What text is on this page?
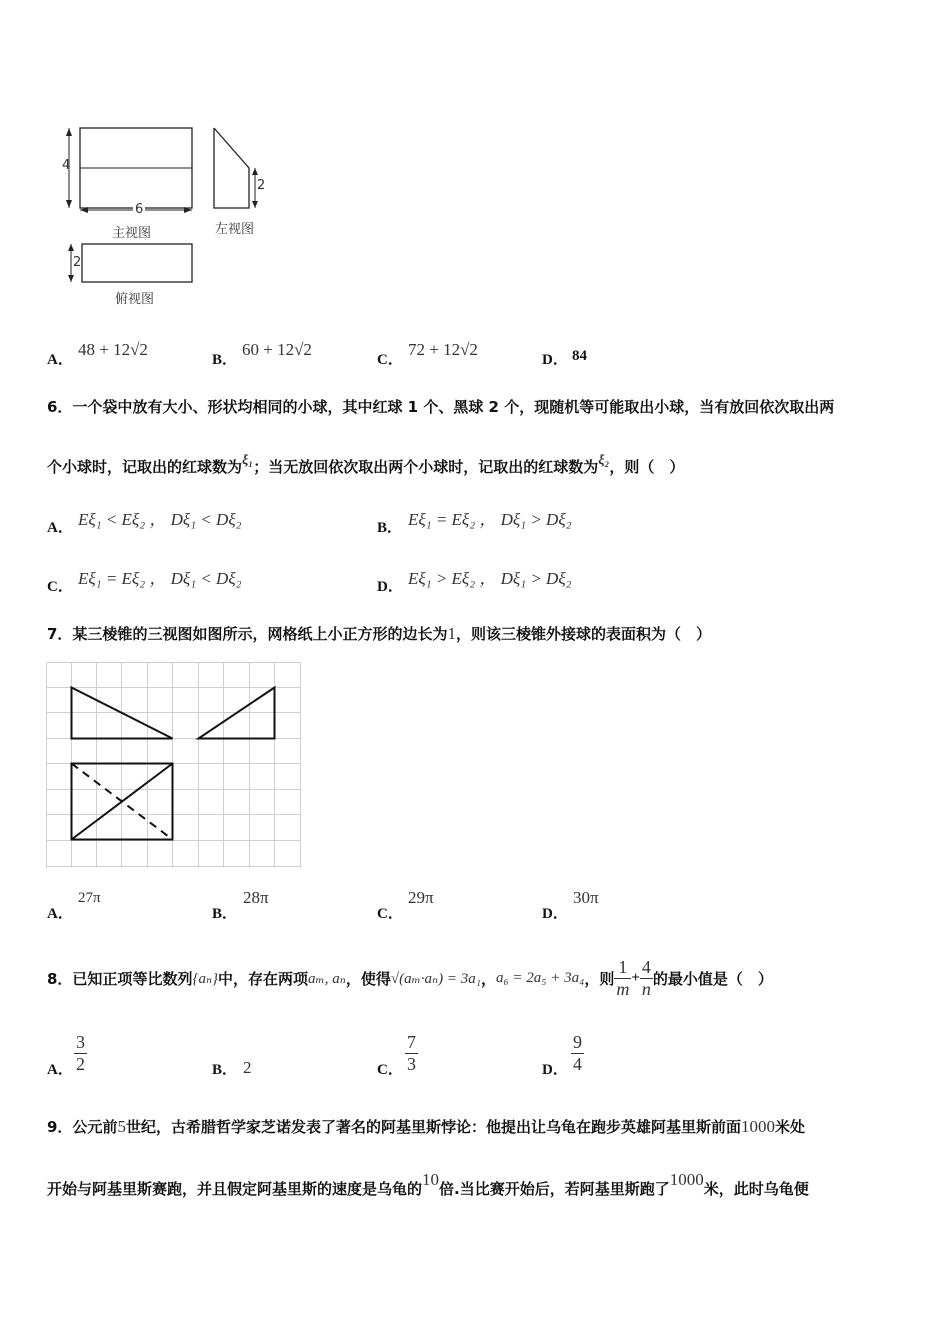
4
6
主视图
2
左视图
2
俯视图
A．
48 + 12√2
B．
60 + 12√2
C．
72 + 12√2
D． 84
6．一个袋中放有大小、形状均相同的小球，其中红球 1 个、黑球 2 个，现随机等可能取出小球，当有放回依次取出两
个小球时，记取出的红球数为ξ₁；当无放回依次取出两个小球时，记取出的红球数为ξ₂，则（　）
A． Eξ₁ < Eξ₂ ， Dξ₁ < Dξ₂	B． Eξ₁ = Eξ₂ ， Dξ₁ > Dξ₂
C． Eξ₁ = Eξ₂ ， Dξ₁ < Dξ₂	D． Eξ₁ > Eξ₂ ， Dξ₁ > Dξ₂
7．某三棱锥的三视图如图所示，网格纸上小正方形的边长为1，则该三棱锥外接球的表面积为（　）
A．
27π
B．
28π
C．
29π
D．
30π
8．已知正项等比数列 {aₙ} 中，存在两项 aₘ, aₙ ，使得 √(aₘ·aₙ) = 3a₁ ， a₆ = 2a₅ + 3a₄ ，则 $\frac{1}{m} + \frac{4}{n}$ 的最小值是（　）
A． $\frac{3}{2}$	B． 2	C． $\frac{7}{3}$	D． $\frac{9}{4}$
9．公元前5世纪，古希腊哲学家芝诺发表了著名的阿基里斯悖论：他提出让乌龟在跑步英雄阿基里斯前面1000米处
开始与阿基里斯赛跑，并且假定阿基里斯的速度是乌龟的10倍.当比赛开始后，若阿基里斯跑了1000米，此时乌龟便
